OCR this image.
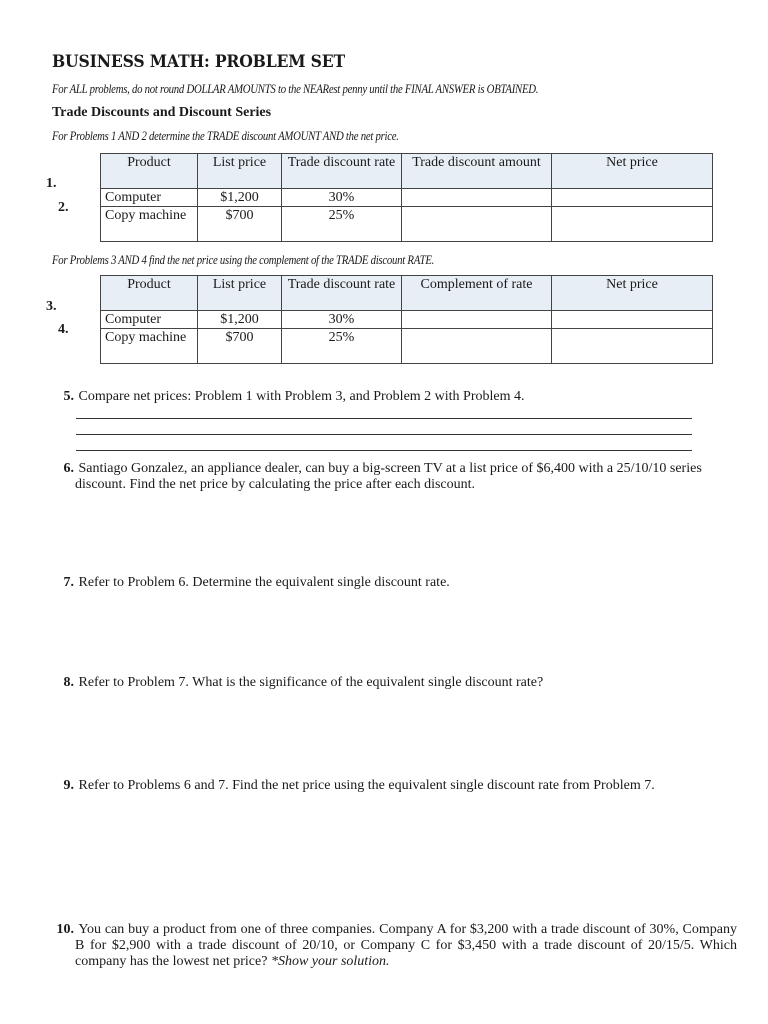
BUSINESS MATH: PROBLEM SET
For ALL problems, do not round DOLLAR AMOUNTS to the NEARest penny until the FINAL ANSWER is OBTAINED.
Trade Discounts and Discount Series
For Problems 1 AND 2 determine the TRADE discount AMOUNT AND the net price.
1.
2.
Product	List price	Trade discount rate	Trade discount amount	Net price
Computer	$1,200	30%		
Copy machine	$700	25%		
For Problems 3 AND 4 find the net price using the complement of the TRADE discount RATE.
3.
4.
Product	List price	Trade discount rate	Complement of rate	Net price
Computer	$1,200	30%		
Copy machine	$700	25%		
5. Compare net prices: Problem 1 with Problem 3, and Problem 2 with Problem 4.
6. Santiago Gonzalez, an appliance dealer, can buy a big-screen TV at a list price of $6,400 with a 25/10/10 series discount. Find the net price by calculating the price after each discount.
7. Refer to Problem 6. Determine the equivalent single discount rate.
8. Refer to Problem 7. What is the significance of the equivalent single discount rate?
9. Refer to Problems 6 and 7. Find the net price using the equivalent single discount rate from Problem 7.
10. You can buy a product from one of three companies. Company A for $3,200 with a trade discount of 30%, Company B for $2,900 with a trade discount of 20/10, or Company C for $3,450 with a trade discount of 20/15/5. Which company has the lowest net price? *Show your solution.
